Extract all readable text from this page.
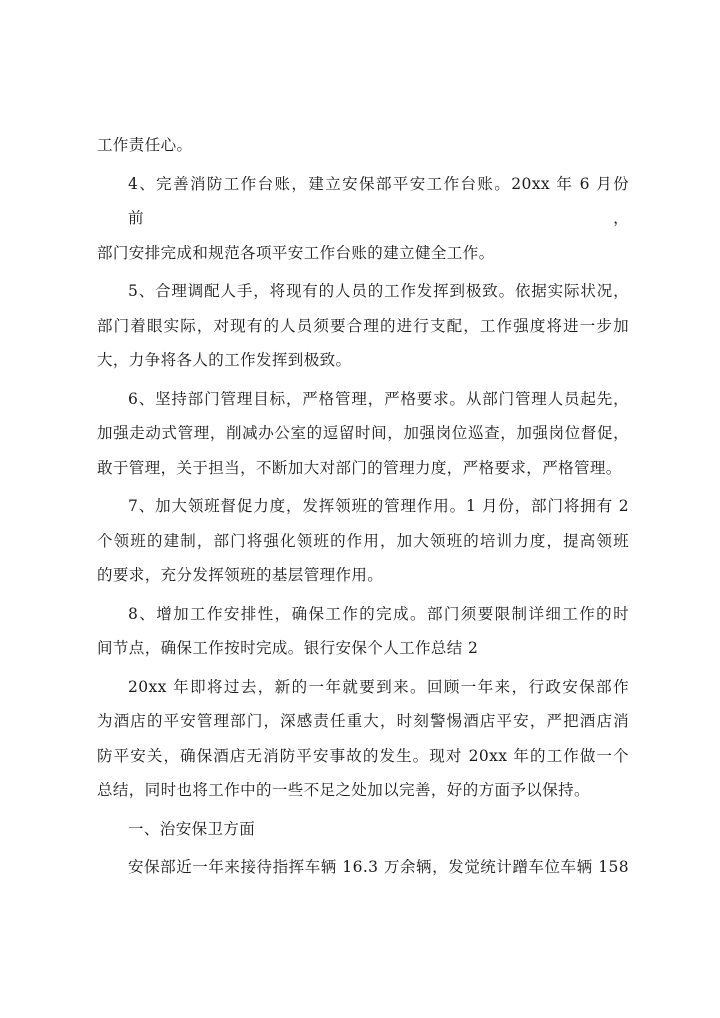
工作责任心。

4、完善消防工作台账，建立安保部平安工作台账。20xx 年 6 月份前，
部门安排完成和规范各项平安工作台账的建立健全工作。

5、合理调配人手，将现有的人员的工作发挥到极致。依据实际状况，
部门着眼实际，对现有的人员须要合理的进行支配，工作强度将进一步加
大，力争将各人的工作发挥到极致。

6、坚持部门管理目标，严格管理，严格要求。从部门管理人员起先，
加强走动式管理，削减办公室的逗留时间，加强岗位巡查，加强岗位督促，
敢于管理，关于担当，不断加大对部门的管理力度，严格要求，严格管理。

7、加大领班督促力度，发挥领班的管理作用。1 月份，部门将拥有 2
个领班的建制，部门将强化领班的作用，加大领班的培训力度，提高领班
的要求，充分发挥领班的基层管理作用。

8、增加工作安排性，确保工作的完成。部门须要限制详细工作的时
间节点，确保工作按时完成。银行安保个人工作总结 2

20xx 年即将过去，新的一年就要到来。回顾一年来，行政安保部作
为酒店的平安管理部门，深感责任重大，时刻警惕酒店平安，严把酒店消
防平安关，确保酒店无消防平安事故的发生。现对 20xx 年的工作做一个
总结，同时也将工作中的一些不足之处加以完善，好的方面予以保持。

一、治安保卫方面

安保部近一年来接待指挥车辆 16.3 万余辆，发觉统计蹭车位车辆 158
